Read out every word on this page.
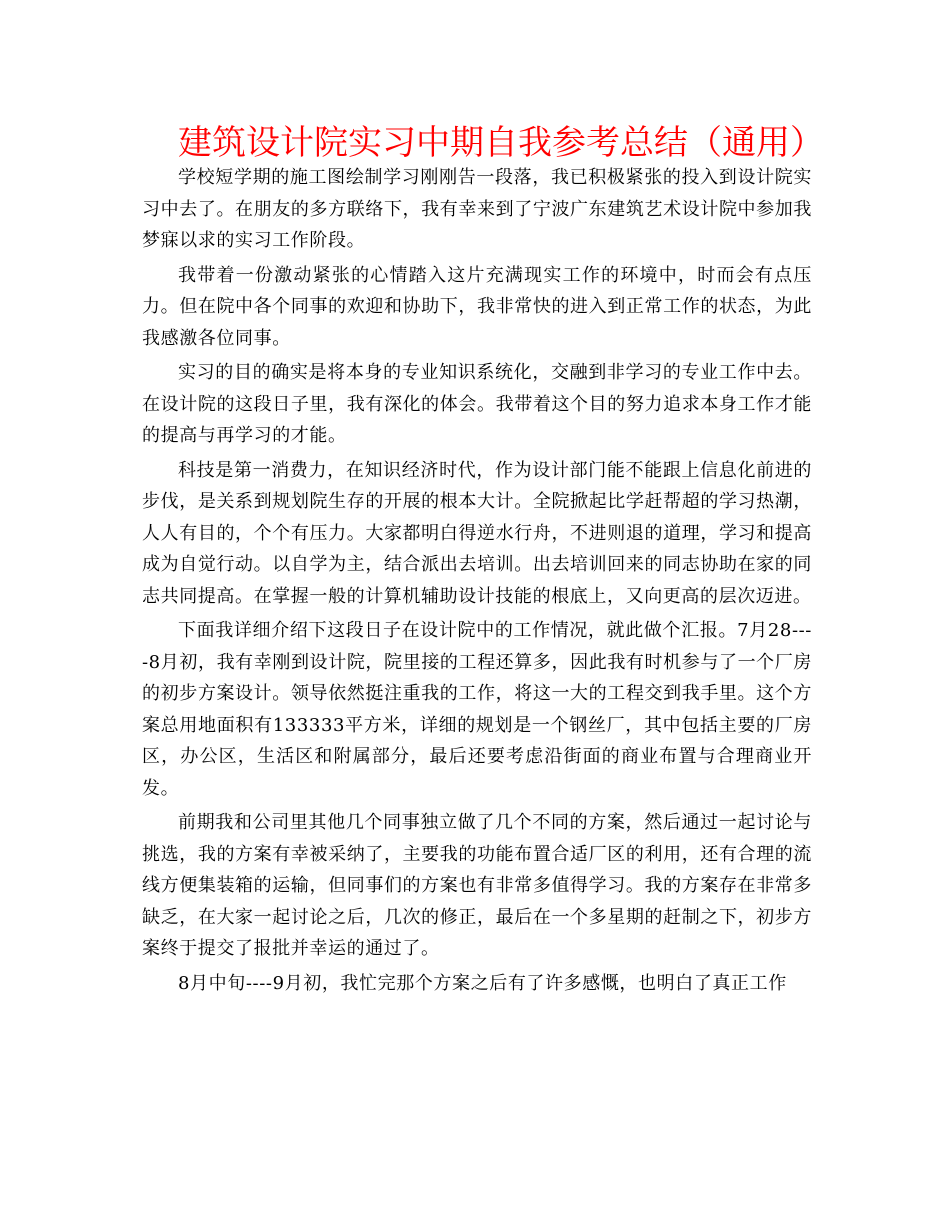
建筑设计院实习中期自我参考总结（通用）

学校短学期的施工图绘制学习刚刚告一段落，我已积极紧张的投入到设计院实习中去了。在朋友的多方联络下，我有幸来到了宁波广东建筑艺术设计院中参加我梦寐以求的实习工作阶段。

我带着一份激动紧张的心情踏入这片充满现实工作的环境中，时而会有点压力。但在院中各个同事的欢迎和协助下，我非常快的进入到正常工作的状态，为此我感激各位同事。

实习的目的确实是将本身的专业知识系统化，交融到非学习的专业工作中去。在设计院的这段日子里，我有深化的体会。我带着这个目的努力追求本身工作才能的提高与再学习的才能。

科技是第一消费力，在知识经济时代，作为设计部门能不能跟上信息化前进的步伐，是关系到规划院生存的开展的根本大计。全院掀起比学赶帮超的学习热潮，人人有目的，个个有压力。大家都明白得逆水行舟，不进则退的道理，学习和提高成为自觉行动。以自学为主，结合派出去培训。出去培训回来的同志协助在家的同志共同提高。在掌握一般的计算机辅助设计技能的根底上，又向更高的层次迈进。

下面我详细介绍下这段日子在设计院中的工作情况，就此做个汇报。7月28----8月初，我有幸刚到设计院，院里接的工程还算多，因此我有时机参与了一个厂房的初步方案设计。领导依然挺注重我的工作，将这一大的工程交到我手里。这个方案总用地面积有133333平方米，详细的规划是一个钢丝厂，其中包括主要的厂房区，办公区，生活区和附属部分，最后还要考虑沿街面的商业布置与合理商业开发。

前期我和公司里其他几个同事独立做了几个不同的方案，然后通过一起讨论与挑选，我的方案有幸被采纳了，主要我的功能布置合适厂区的利用，还有合理的流线方便集装箱的运输，但同事们的方案也有非常多值得学习。我的方案存在非常多缺乏，在大家一起讨论之后，几次的修正，最后在一个多星期的赶制之下，初步方案终于提交了报批并幸运的通过了。

8月中旬----9月初，我忙完那个方案之后有了许多感慨，也明白了真正工作
